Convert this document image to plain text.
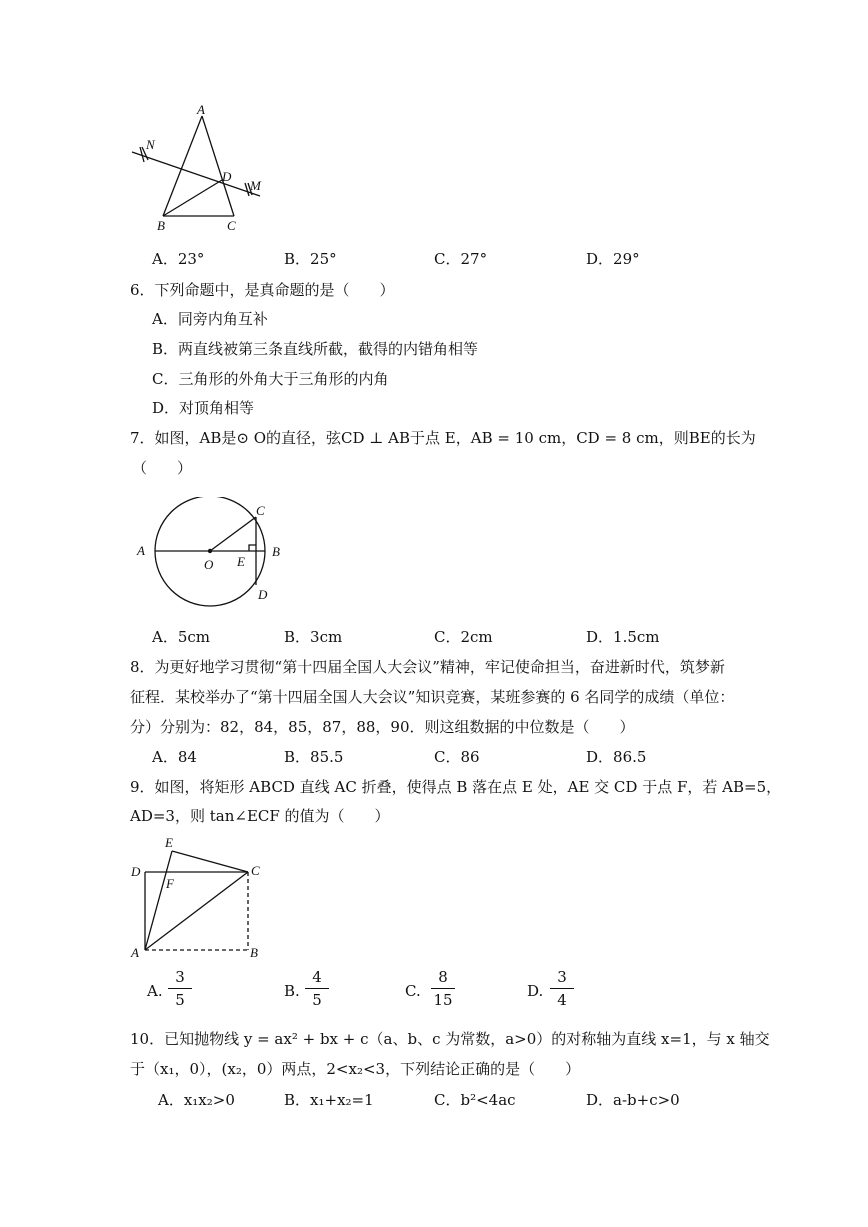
A
N
D
M
B	C
A．23°	B．25°	C．27°	D．29°
6．下列命题中，是真命题的是（　　）
A．同旁内角互补
B．两直线被第三条直线所截，截得的内错角相等
C．三角形的外角大于三角形的内角
D．对顶角相等
7．如图，AB是⊙ O的直径，弦CD ⊥ AB于点 E，AB = 10 cm，CD = 8 cm，则BE的长为
（　　）
A
O E
B
C
D
A．5cm	B．3cm	C．2cm	D．1.5cm
8．为更好地学习贯彻“第十四届全国人大会议”精神，牢记使命担当，奋进新时代，筑梦新
征程．某校举办了“第十四届全国人大会议”知识竞赛，某班参赛的 6 名同学的成绩（单位：
分）分别为：82，84，85，87，88，90．则这组数据的中位数是（　　）
A．84	B．85.5	C．86	D．86.5
9．如图，将矩形 ABCD 直线 AC 折叠，使得点 B 落在点 E 处，AE 交 CD 于点 F，若 AB=5，
AD=3，则 tan∠ECF 的值为（　　）
E
D
F
C
A	B
A.
3
5	B.
4
5	C.
8
15	D.
3
4
10．已知抛物线 y = ax² + bx + c（a、b、c 为常数，a>0）的对称轴为直线 x=1，与 x 轴交
于（x₁，0），(x₂，0）两点，2<x₂<3，下列结论正确的是（　　）
A．x₁x₂>0	B．x₁+x₂=1	C．b²<4ac	D．a-b+c>0
